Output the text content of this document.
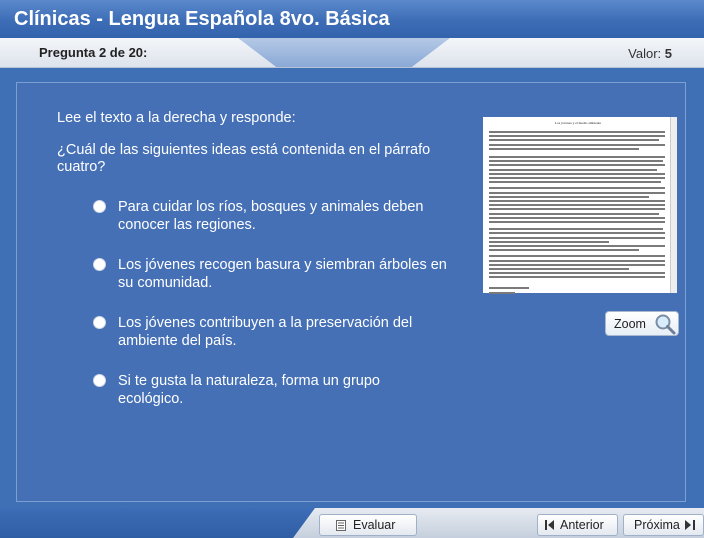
Clínicas - Lengua Española 8vo. Básica
Pregunta 2 de 20:	Valor: 5
Lee el texto a la derecha y responde:
¿Cuál de las siguientes ideas está contenida en el párrafo cuatro?
Para cuidar los ríos, bosques y animales deben conocer las regiones.
Los jóvenes recogen basura y siembran árboles en su comunidad.
Los jóvenes contribuyen a la preservación del ambiente del país.
Si te gusta la naturaleza, forma un grupo ecológico.
Los jóvenes y el medio ambiente
Zoom
Evaluar	Anterior Próxima
